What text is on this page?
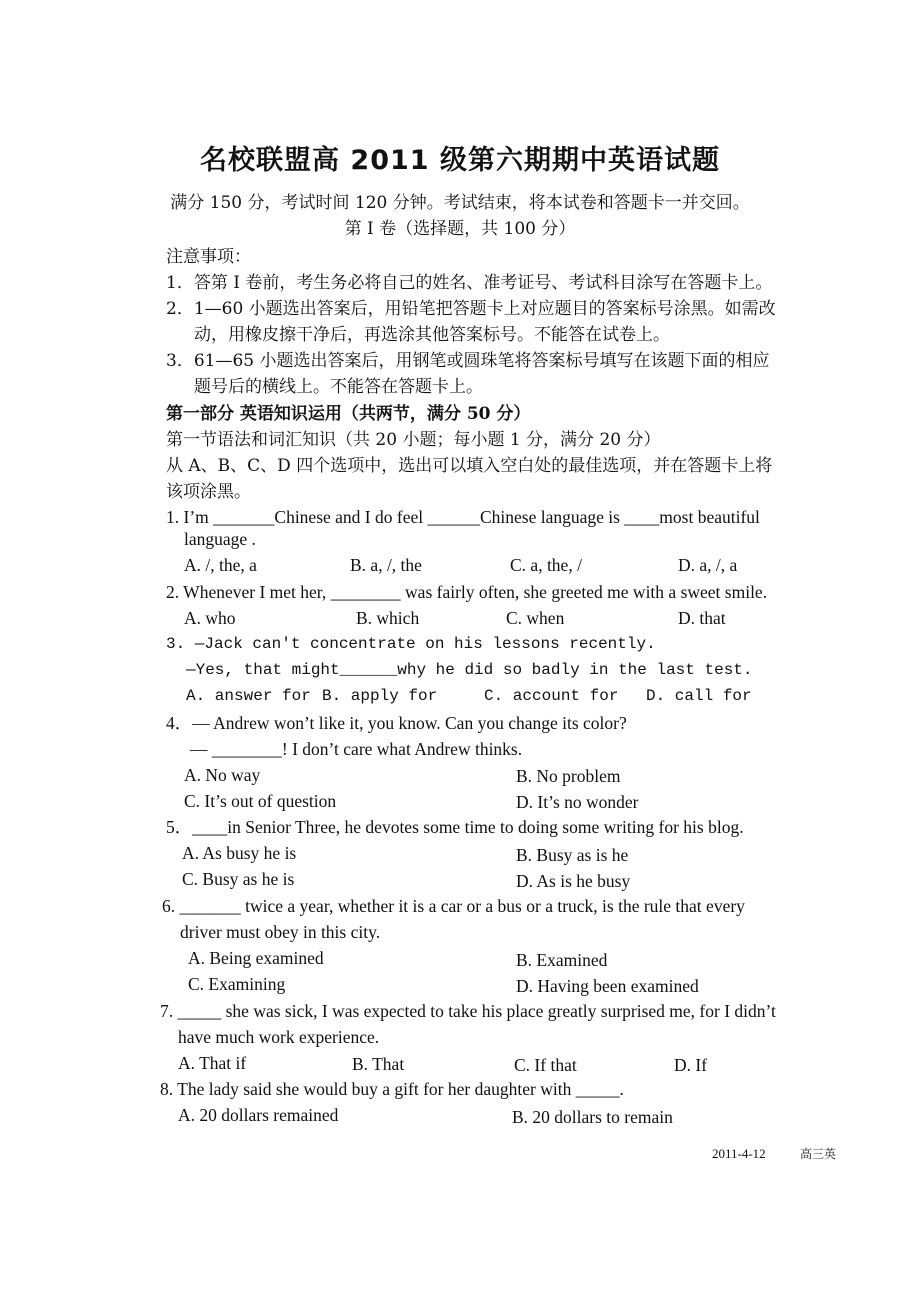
名校联盟高 2011 级第六期期中英语试题
满分 150 分，考试时间 120 分钟。考试结束，将本试卷和答题卡一并交回。
第 I 卷（选择题，共 100 分）
注意事项：
1．答第 I 卷前，考生务必将自己的姓名、准考证号、考试科目涂写在答题卡上。
2．1—60 小题选出答案后，用铅笔把答题卡上对应题目的答案标号涂黑。如需改
动，用橡皮擦干净后，再选涂其他答案标号。不能答在试卷上。
3．61—65 小题选出答案后，用钢笔或圆珠笔将答案标号填写在该题下面的相应
题号后的横线上。不能答在答题卡上。
第一部分 英语知识运用（共两节，满分 50 分）
第一节语法和词汇知识（共 20 小题；每小题 1 分，满分 20 分）
从 A、B、C、D 四个选项中，选出可以填入空白处的最佳选项，并在答题卡上将
该项涂黑。
1. I’m _______Chinese and I do feel ______Chinese language is ____most beautiful
language .
A. /, the, a	B. a, /, the	C. a, the, /	D. a, /, a
2. Whenever I met her, ________ was fairly often, she greeted me with a sweet smile.
A. who	B. which	C. when	D. that
3. —Jack can't concentrate on his lessons recently.
—Yes, that might______why he did so badly in the last test.
A. answer for B. apply for	C. account for D. call for
4．— Andrew won’t like it, you know. Can you change its color?
— ________! I don’t care what Andrew thinks.
A. No way	B. No problem
C. It’s out of question	D. It’s no wonder
5．____in Senior Three, he devotes some time to doing some writing for his blog.
A. As busy he is	B. Busy as is he
C. Busy as he is	D. As is he busy
6. _______ twice a year, whether it is a car or a bus or a truck, is the rule that every
driver must obey in this city.
A. Being examined	B. Examined
C. Examining	D. Having been examined
7. _____ she was sick, I was expected to take his place greatly surprised me, for I didn’t
have much work experience.
A. That if	B. That	C. If that	D. If
8. The lady said she would buy a gift for her daughter with _____.
A. 20 dollars remained	B. 20 dollars to remain
2011-4-12	高三英
